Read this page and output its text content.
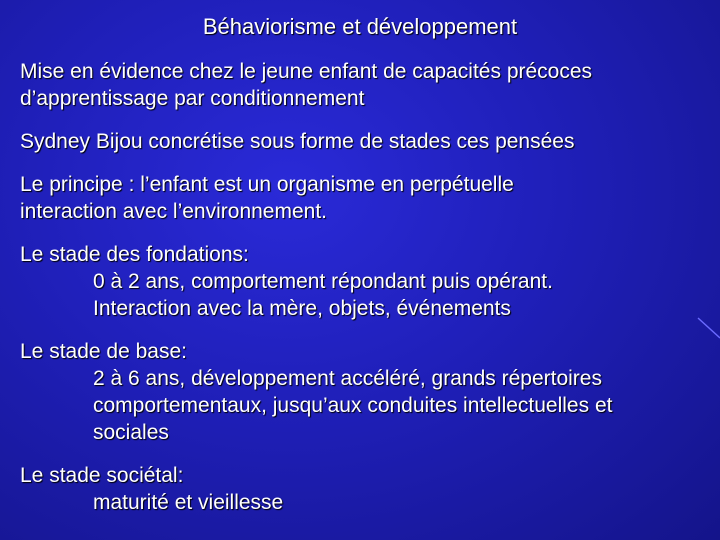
Béhaviorisme et développement
Mise en évidence chez le jeune enfant de capacités précoces
d’apprentissage par conditionnement
Sydney Bijou concrétise sous forme de stades ces pensées
Le principe : l’enfant est un organisme en perpétuelle
interaction avec l’environnement.
Le stade des fondations:
0 à 2 ans, comportement répondant puis opérant.
Interaction avec la mère, objets, événements
Le stade de base:
2 à 6 ans, développement accéléré, grands répertoires
comportementaux, jusqu’aux conduites intellectuelles et
sociales
Le stade sociétal:
maturité et vieillesse
